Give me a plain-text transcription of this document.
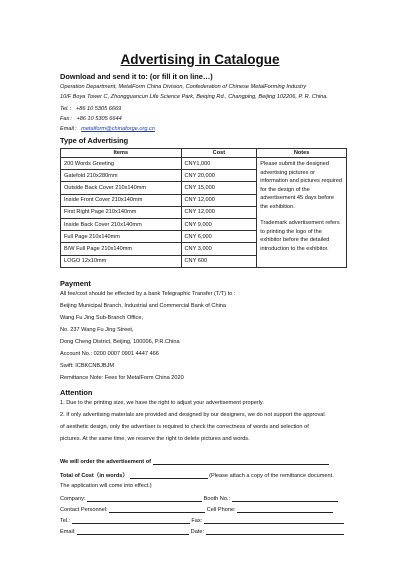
Advertising in Catalogue
Download and send it to: (or fill it on line…)
Operation Department, MetalForm China Division, Confederation of Chinese MetalForming Industry
10/F Boya Tower C, Zhongguancun Life Science Park, Beiqing Rd., Changping, Beijing 102206, P. R. China.
Tel.： +86 10 5305 6669
Fax： +86 10 5305 6644
Email： metalform@chinaforge.org.cn
Type of Advertising
Items	Cost	Notes
200 Words Greeting	CNY1,000	Please submit the designed advertising pictures or information and pictures required for the design of the advertisement 45 days before the exhibition.
Trademark advertisement refers to printing the logo of the exhibitor before the detailed introduction to the exhibitor.

Gatefold 210x280mm	CNY 20,000	
Outside Back Cover 210x140mm	CNY 15,000	
Inside Front Cover 210x140mm	CNY 12,000	
First Right Page 210x140mm	CNY 12,000	
Inside Back Cover 210x140mm	CNY 9,000	
Full Page 210x140mm	CNY 6,000	
B/W Full Page 210x140mm	CNY 3,000	
LOGO 12x10mm	CNY 600	
Payment
All fee/cost should be effected by a bank Telegraphic Transfer (T/T) to :
Beijing Municipal Branch, Industrial and Commercial Bank of China
Wang Fu Jing Sub-Branch Office,
No. 237 Wang Fu Jing Street,
Dong Cheng District, Beijing, 100006, P.R.China
Account No.: 0200 0007 0901 4447 466
Swift: ICBKCNBJBJM
Remittance Note: Fees for MetalForm China 2020
Attention
1. Due to the printing size, we have the right to adjust your advertisement properly.
2. If only advertising materials are provided and designed by our designers, we do not support the approval
of aesthetic design, only the advertiser is required to check the correctness of words and selection of
pictures. At the same time, we reserve the right to delete pictures and words.
We will order the advertisement of
Total of Cost（in words）	(Please attach a copy of the remittance document.
The application will come into effect.)
Company:	Booth No.:
Contact Personnel:	Cell Phone:
Tel.:	Fax:
Email:	Date:
